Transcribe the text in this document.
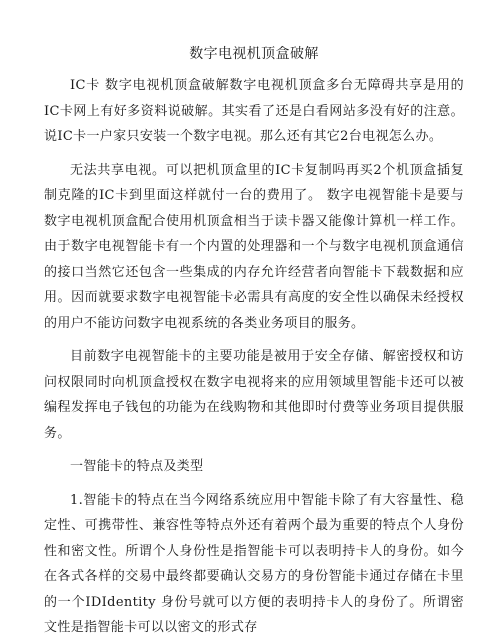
数字电视机顶盒破解

IC卡 数字电视机顶盒破解数字电视机顶盒多台无障碍共享是用的IC卡网上有好多资料说破解。其实看了还是白看网站多没有好的注意。说IC卡一户家只安装一个数字电视。那么还有其它2台电视怎么办。

无法共享电视。可以把机顶盒里的IC卡复制吗再买2个机顶盒插复制克隆的IC卡到里面这样就付一台的费用了。 数字电视智能卡是要与数字电视机顶盒配合使用机顶盒相当于读卡器又能像计算机一样工作。由于数字电视智能卡有一个内置的处理器和一个与数字电视机顶盒通信的接口当然它还包含一些集成的内存允许经营者向智能卡下载数据和应用。因而就要求数字电视智能卡必需具有高度的安全性以确保未经授权的用户不能访问数字电视系统的各类业务项目的服务。

目前数字电视智能卡的主要功能是被用于安全存储、解密授权和访问权限同时向机顶盒授权在数字电视将来的应用领域里智能卡还可以被编程发挥电子钱包的功能为在线购物和其他即时付费等业务项目提供服务。

一智能卡的特点及类型

1.智能卡的特点在当今网络系统应用中智能卡除了有大容量性、稳定性、可携带性、兼容性等特点外还有着两个最为重要的特点个人身份性和密文性。所谓个人身份性是指智能卡可以表明持卡人的身份。如今在各式各样的交易中最终都要确认交易方的身份智能卡通过存储在卡里的一个IDIdentity 身份号就可以方便的表明持卡人的身份了。所谓密文性是指智能卡可以以密文的形式存
